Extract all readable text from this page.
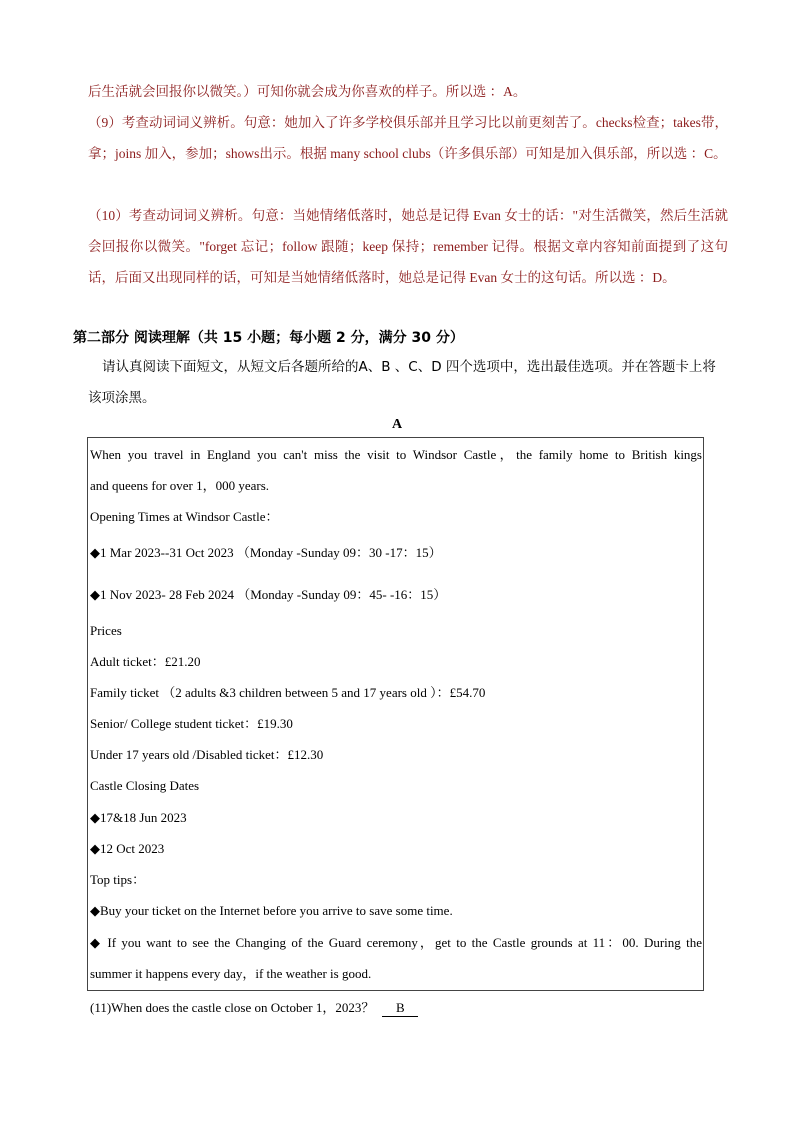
后生活就会回报你以微笑。）可知你就会成为你喜欢的样子。所以选 ：A。

（9）考查动词词义辨析。句意：她加入了许多学校俱乐部并且学习比以前更刻苦了。checks检查；takes带，拿；joins 加入，参加；shows出示。根据 many school clubs（许多俱乐部）可知是加入俱乐部，所以选 ：C。

（10）考查动词词义辨析。句意：当她情绪低落时，她总是记得 Evan 女士的话："对生活微笑，然后生活就会回报你以微笑。"forget 忘记；follow 跟随；keep 保持；remember 记得。根据文章内容知前面提到了这句话，后面又出现同样的话，可知是当她情绪低落时，她总是记得 Evan 女士的这句话。所以选 ：D。

第二部分 阅读理解（共 15 小题；每小题 2 分，满分 30 分）
请认真阅读下面短文，从短文后各题所给的A、B 、C、D 四个选项中，选出最佳选项。并在答题卡上将该项涂黑。
A
When you travel in England you can't miss the visit to Windsor Castle，the family home to British kings
and queens for over 1，000 years.
Opening Times at Windsor Castle：
◆1 Mar 2023--31 Oct 2023 （Monday -Sunday 09：30 -17：15）
◆1 Nov 2023- 28 Feb 2024 （Monday -Sunday 09：45- -16：15）
Prices
Adult ticket：£21.20
Family ticket （2 adults &3 children between 5 and 17 years old ）：£54.70
Senior/ College student ticket：£19.30
Under 17 years old /Disabled ticket：£12.30
Castle Closing Dates
◆17&18 Jun 2023
◆12 Oct 2023
Top tips：
◆Buy your ticket on the Internet before you arrive to save some time.
◆ If you want to see the Changing of the Guard ceremony，get to the Castle grounds at 11：00. During the
summer it happens every day，if the weather is good.
(11)When does the castle close on October 1，2023？ B
